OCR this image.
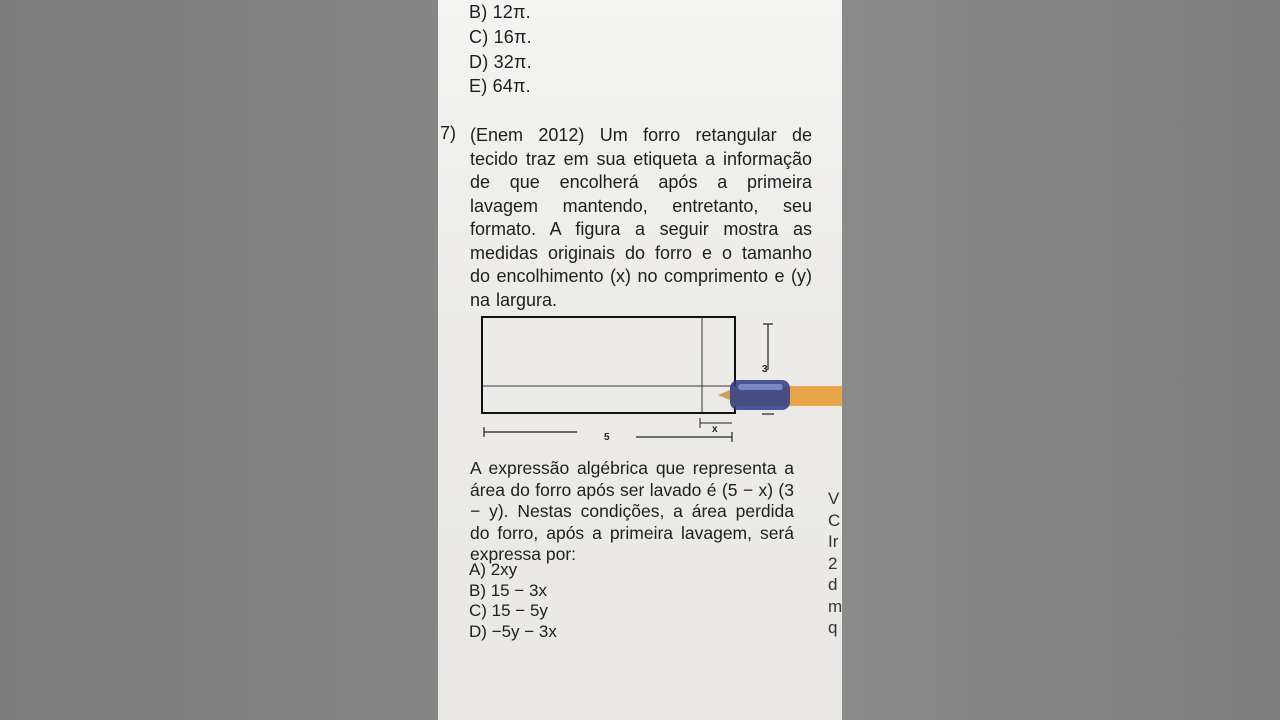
B) 12π.
C) 16π.
D) 32π.
E) 64π.
7) (Enem 2012) Um forro retangular de tecido traz em sua etiqueta a informação de que encolherá após a primeira lavagem mantendo, entretanto, seu formato. A figura a seguir mostra as medidas originais do forro e o tamanho do encolhimento (x) no comprimento e (y) na largura.
3
5
x
A expressão algébrica que representa a área do forro após ser lavado é (5 − x) (3 − y). Nestas condições, a área perdida do forro, após a primeira lavagem, será expressa por:
A) 2xy
B) 15 − 3x
C) 15 − 5y
D) −5y − 3x
V
C
Ir
2
d
m
q
